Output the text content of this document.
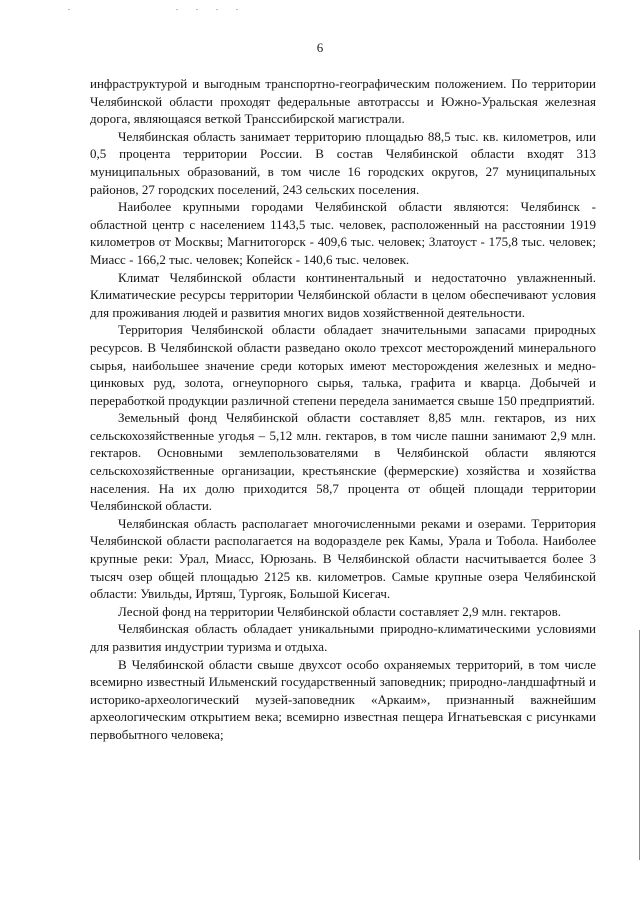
6

инфраструктурой и выгодным транспортно-географическим положением. По территории Челябинской области проходят федеральные автотрассы и Южно-Уральская железная дорога, являющаяся веткой Транссибирской магистрали.

Челябинская область занимает территорию площадью 88,5 тыс. кв. километров, или 0,5 процента территории России. В состав Челябинской области входят 313 муниципальных образований, в том числе 16 городских округов, 27 муниципальных районов, 27 городских поселений, 243 сельских поселения.

Наиболее крупными городами Челябинской области являются: Челябинск - областной центр с населением 1143,5 тыс. человек, расположенный на расстоянии 1919 километров от Москвы; Магнитогорск - 409,6 тыс. человек; Златоуст - 175,8 тыс. человек; Миасс - 166,2 тыс. человек; Копейск - 140,6 тыс. человек.

Климат Челябинской области континентальный и недостаточно увлажненный. Климатические ресурсы территории Челябинской области в целом обеспечивают условия для проживания людей и развития многих видов хозяйственной деятельности.

Территория Челябинской области обладает значительными запасами природных ресурсов. В Челябинской области разведано около трехсот месторождений минерального сырья, наибольшее значение среди которых имеют месторождения железных и медно-цинковых руд, золота, огнеупорного сырья, талька, графита и кварца. Добычей и переработкой продукции различной степени передела занимается свыше 150 предприятий.

Земельный фонд Челябинской области составляет 8,85 млн. гектаров, из них сельскохозяйственные угодья – 5,12 млн. гектаров, в том числе пашни занимают 2,9 млн. гектаров. Основными землепользователями в Челябинской области являются сельскохозяйственные организации, крестьянские (фермерские) хозяйства и хозяйства населения. На их долю приходится 58,7 процента от общей площади территории Челябинской области.

Челябинская область располагает многочисленными реками и озерами. Территория Челябинской области располагается на водоразделе рек Камы, Урала и Тобола. Наиболее крупные реки: Урал, Миасс, Юрюзань. В Челябинской области насчитывается более 3 тысяч озер общей площадью 2125 кв. километров. Самые крупные озера Челябинской области: Увильды, Иртяш, Тургояк, Большой Кисегач.

Лесной фонд на территории Челябинской области составляет 2,9 млн. гектаров.

Челябинская область обладает уникальными природно-климатическими условиями для развития индустрии туризма и отдыха.

В Челябинской области свыше двухсот особо охраняемых территорий, в том числе всемирно известный Ильменский государственный заповедник; природно-ландшафтный и историко-археологический музей-заповедник «Аркаим», признанный важнейшим археологическим открытием века; всемирно известная пещера Игнатьевская с рисунками первобытного человека;
